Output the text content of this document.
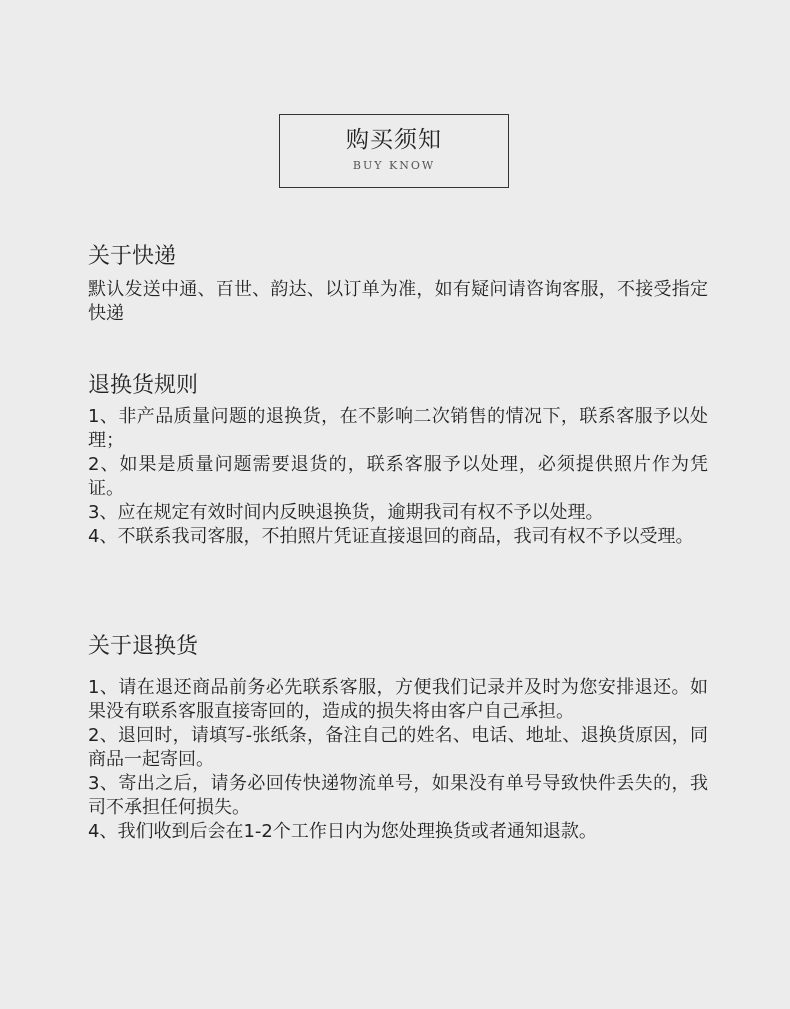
购买须知
BUY KNOW
关于快递

默认发送中通、百世、韵达、以订单为准，如有疑问请咨询客服，不接受指定快递

退换货规则

1、非产品质量问题的退换货，在不影响二次销售的情况下，联系客服予以处理；

2、如果是质量问题需要退货的，联系客服予以处理，必须提供照片作为凭证。

3、应在规定有效时间内反映退换货，逾期我司有权不予以处理。

4、不联系我司客服，不拍照片凭证直接退回的商品，我司有权不予以受理。

关于退换货

1、请在退还商品前务必先联系客服，方便我们记录并及时为您安排退还。如果没有联系客服直接寄回的，造成的损失将由客户自己承担。

2、退回时，请填写-张纸条，备注自己的姓名、电话、地址、退换货原因，同商品一起寄回。

3、寄出之后，请务必回传快递物流单号，如果没有单号导致快件丢失的，我司不承担任何损失。

4、我们收到后会在1-2个工作日内为您处理换货或者通知退款。
